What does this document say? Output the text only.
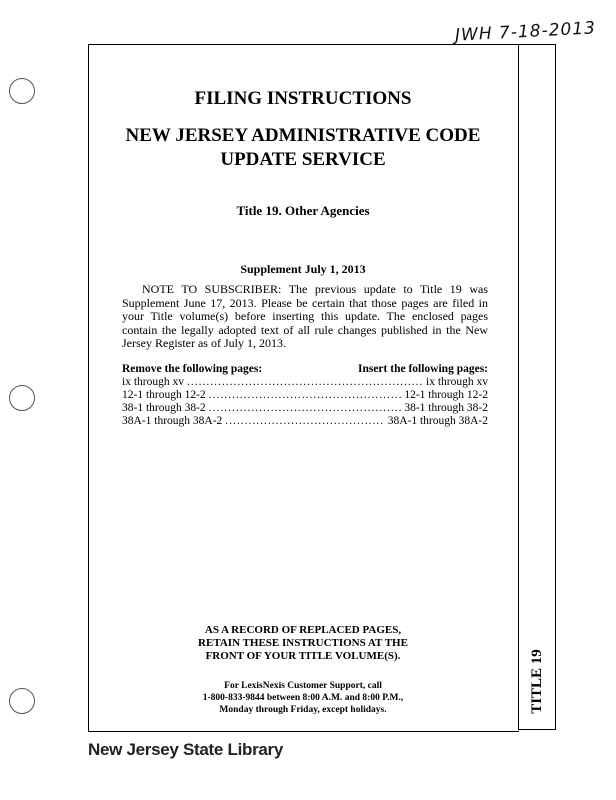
JWH 7-18-2013
TITLE 19
FILING INSTRUCTIONS
NEW JERSEY ADMINISTRATIVE CODE
UPDATE SERVICE
Title 19. Other Agencies
Supplement July 1, 2013
NOTE TO SUBSCRIBER: The previous update to Title 19 was Supplement June 17, 2013. Please be certain that those pages are filed in your Title volume(s) before inserting this update. The enclosed pages contain the legally adopted text of all rule changes published in the New Jersey Register as of July 1, 2013.
Remove the following pages:	Insert the following pages:
ix through xv .....	ix through xv
12-1 through 12-2 .....	12-1 through 12-2
38-1 through 38-2 .....	38-1 through 38-2
38A-1 through 38A-2 .....	38A-1 through 38A-2
AS A RECORD OF REPLACED PAGES,
RETAIN THESE INSTRUCTIONS AT THE
FRONT OF YOUR TITLE VOLUME(S).
For LexisNexis Customer Support, call
1-800-833-9844 between 8:00 A.M. and 8:00 P.M.,
Monday through Friday, except holidays.
New Jersey State Library
